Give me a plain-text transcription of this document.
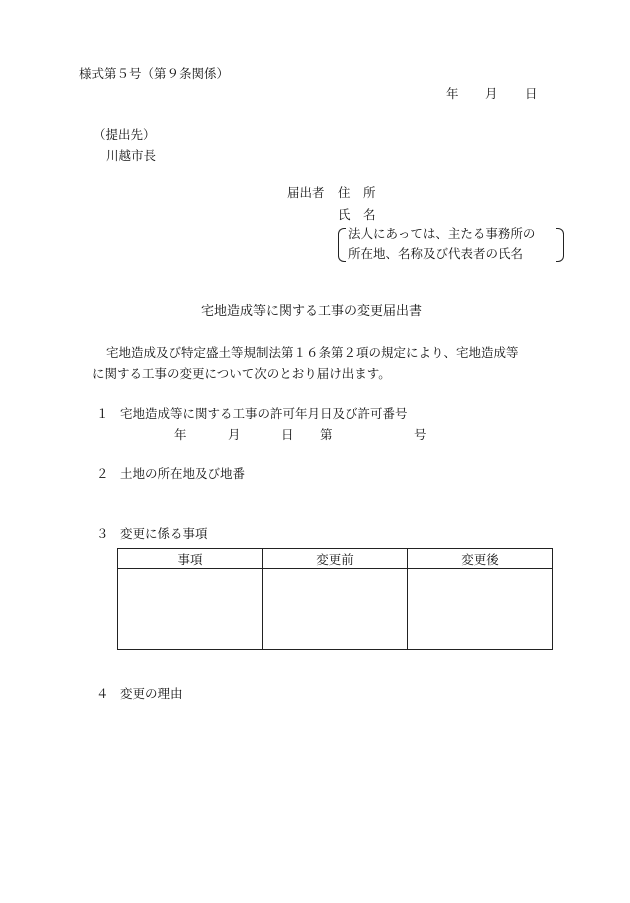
様式第５号（第９条関係）
年 月 日
（提出先）
川越市長
届出者 住　所
氏　名
法人にあっては、主たる事務所の
所在地、名称及び代表者の氏名
宅地造成等に関する工事の変更届出書
宅地造成及び特定盛土等規制法第１６条第２項の規定により、宅地造成等
に関する工事の変更について次のとおり届け出ます。
１ 宅地造成等に関する工事の許可年月日及び許可番号
年	月	日 第	号
２ 土地の所在地及び地番
３ 変更に係る事項
事項	変更前	変更後

４ 変更の理由
